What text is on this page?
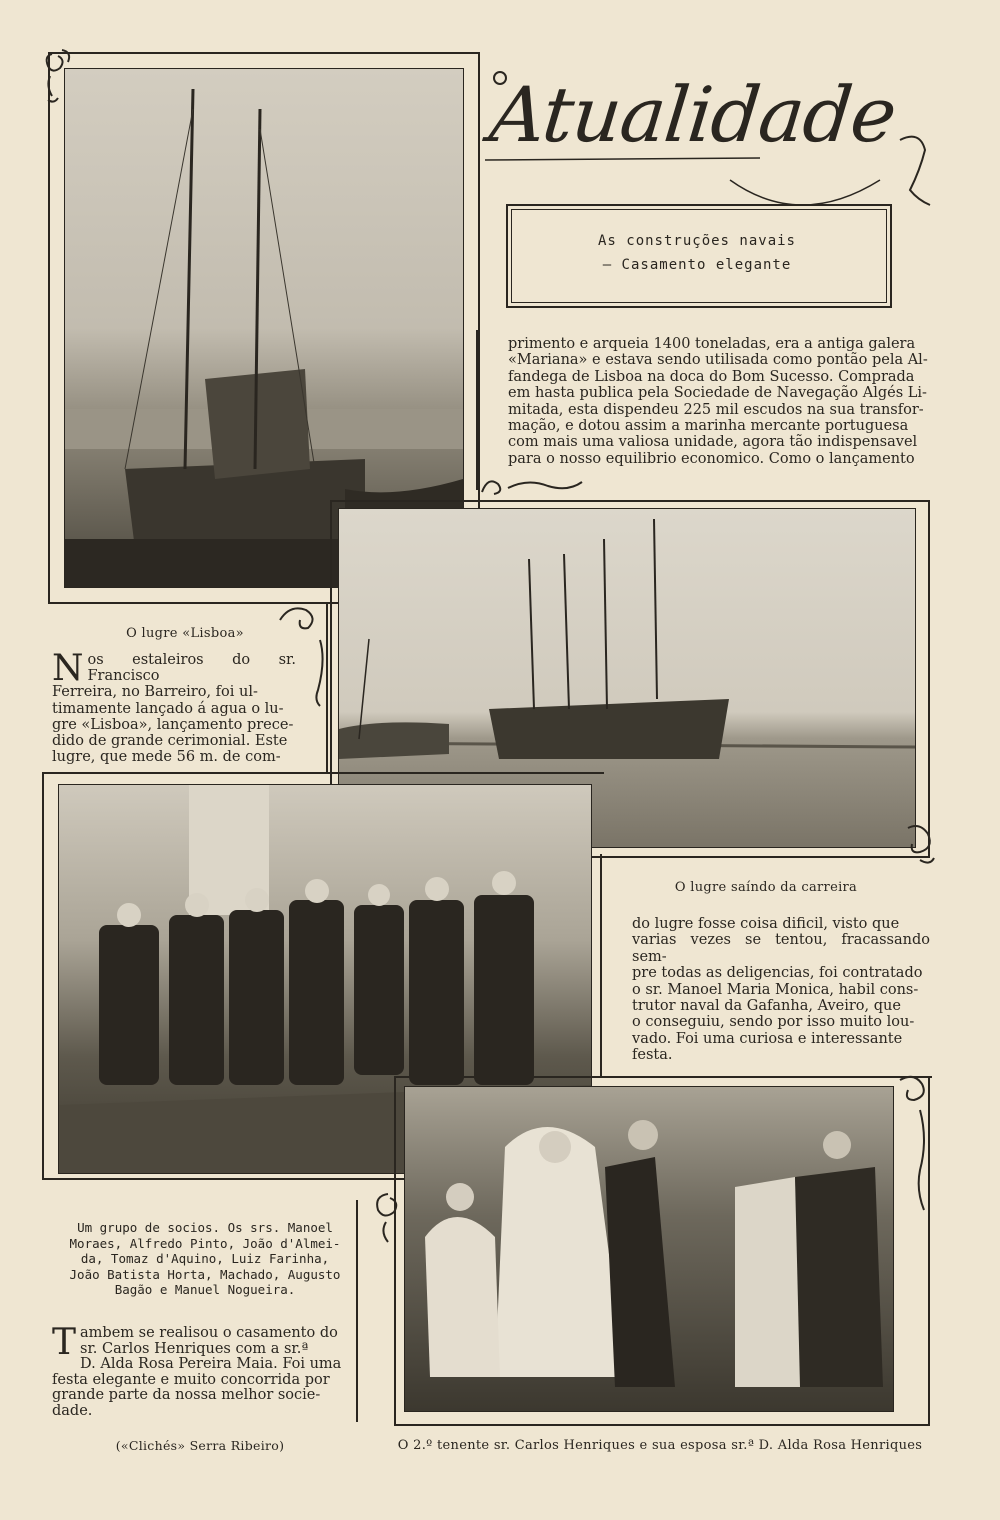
Atualidade
As construções navais
— Casamento elegante
primento e arqueia 1400 toneladas, era a antiga galera
«Mariana» e estava sendo utilisada como pontão pela Al-
fandega de Lisboa na doca do Bom Sucesso. Comprada
em hasta publica pela Sociedade de Navegação Algés Li-
mitada, esta dispendeu 225 mil escudos na sua transfor-
mação, e dotou assim a marinha mercante portuguesa
com mais uma valiosa unidade, agora tão indispensavel
para o nosso equilibrio economico. Como o lançamento
O lugre «Lisboa»
N os estaleiros do sr. Francisco
Ferreira, no Barreiro, foi ul-
timamente lançado á agua o lu-
gre «Lisboa», lançamento prece-
dido de grande cerimonial. Este
lugre, que mede 56 m. de com-
O lugre saíndo da carreira
do lugre fosse coisa dificil, visto que
varias vezes se tentou, fracassando sem-
pre todas as deligencias, foi contratado
o sr. Manoel Maria Monica, habil cons-
trutor naval da Gafanha, Aveiro, que
o conseguiu, sendo por isso muito lou-
vado. Foi uma curiosa e interessante
festa.
Um grupo de socios. Os srs. Manoel
Moraes, Alfredo Pinto, João d'Almei-
da, Tomaz d'Aquino, Luiz Farinha,
João Batista Horta, Machado, Augusto
Bagão e Manuel Nogueira.
T ambem se realisou o casamento do
sr. Carlos Henriques com a sr.ª
D. Alda Rosa Pereira Maia. Foi uma
festa elegante e muito concorrida por
grande parte da nossa melhor socie-
dade.
(«Clichés» Serra Ribeiro)	O 2.º tenente sr. Carlos Henriques e sua esposa sr.ª D. Alda Rosa Henriques
